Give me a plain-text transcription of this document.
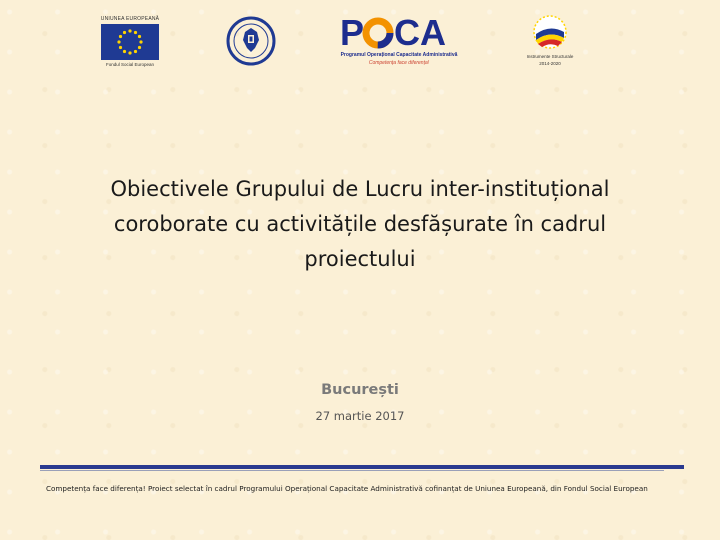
UNIUNEA EUROPEANĂ
Fondul Social European
P CA
Programul Operațional Capacitate Administrativă
Competența face diferența!
Instrumente Structurale
2014-2020
Obiectivele Grupului de Lucru inter-instituțional
coroborate cu activitățile desfășurate în cadrul
proiectului
București
27 martie 2017
Competența face diferența! Proiect selectat în cadrul Programului Operațional Capacitate Administrativă cofinanțat de Uniunea Europeană, din Fondul Social European
